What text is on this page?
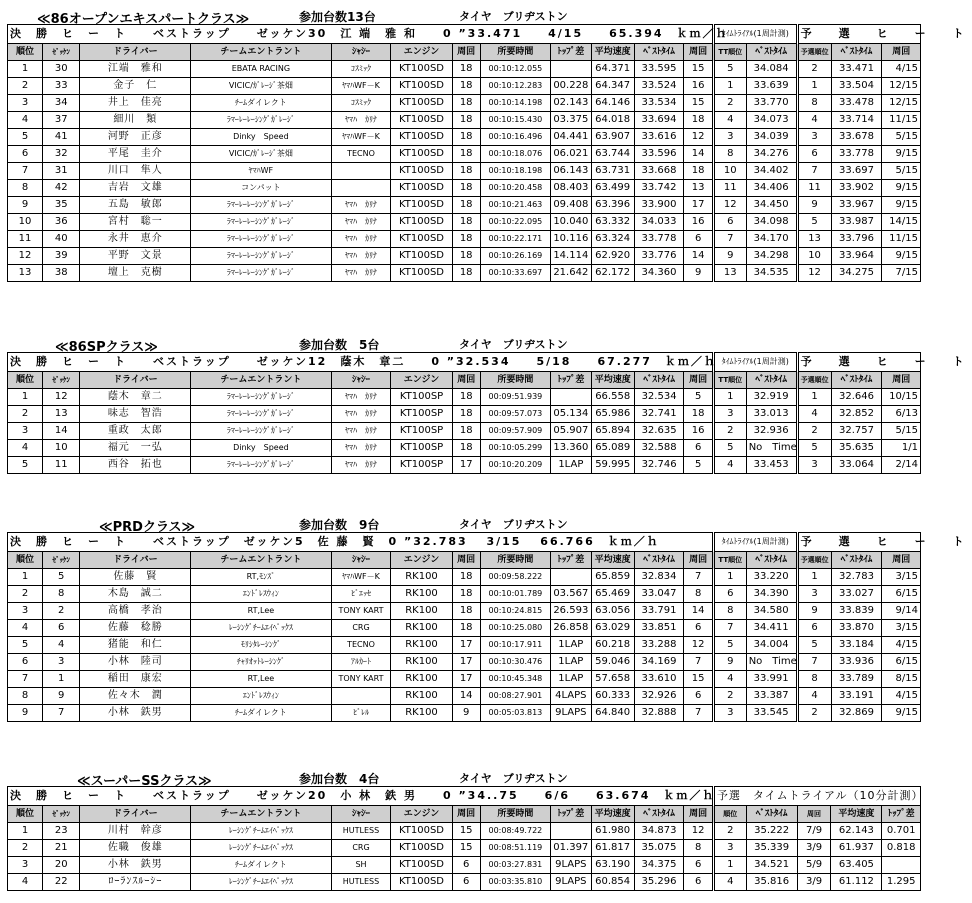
≪86オープンエキスパートクラス≫	参加台数13台	タイヤ　ブリヂストン
決　勝　ヒ　ー　ト　　ベストラップ　　ゼッケン30　江 端　雅 和　　0 ”33.471　　4/15　　65.394　ｋｍ／ｈ												ﾀｲﾑﾄﾗｲｱﾙ(1周計測)		予　選　ヒ　ー　ト		
順位	ｾﾞｯｹﾝ	ドライバー	チームエントラント	ｼｬｼｰ	エンジン	周回	所要時間	ﾄｯﾌﾟ差	平均速度	ﾍﾞｽﾄﾀｲﾑ	周回	TT順位	ﾍﾞｽﾄﾀｲﾑ	予選順位	ﾍﾞｽﾄﾀｲﾑ	周回
1	30	江端　雅和	EBATA RACING	ｺｽﾐｯｸ	KT100SD	18	00:10:12.055		64.371	33.595	15	5	34.084	2	33.471	4/15
2	33	金子　仁	VICIC/ｶﾞﾚｰｼﾞ茶畑	ﾔﾏﾊWF－K	KT100SD	18	00:10:12.283	00.228	64.347	33.524	16	1	33.639	1	33.504	12/15
3	34	井上　佳亮	ﾁｰﾑダイレクト	ｺｽﾐｯｸ	KT100SD	18	00:10:14.198	02.143	64.146	33.534	15	2	33.770	8	33.478	12/15
4	37	細川　類	ﾗﾏｰﾚｰﾚｰｼﾝｸﾞｶﾞﾚｰｼﾞ	ﾔﾏﾊ　ｶﾘﾅ	KT100SD	18	00:10:15.430	03.375	64.018	33.694	18	4	34.073	4	33.714	11/15
5	41	河野　正彦	Dinky　Speed	ﾔﾏﾊWF－K	KT100SD	18	00:10:16.496	04.441	63.907	33.616	12	3	34.039	3	33.678	5/15
6	32	平尾　圭介	VICIC/ｶﾞﾚｰｼﾞ茶畑	TECNO	KT100SD	18	00:10:18.076	06.021	63.744	33.596	14	8	34.276	6	33.778	9/15
7	31	川口　隼人	ﾔﾏﾊWF		KT100SD	18	00:10:18.198	06.143	63.731	33.668	18	10	34.402	7	33.697	5/15
8	42	吉岩　文雄	コンパット		KT100SD	18	00:10:20.458	08.403	63.499	33.742	13	11	34.406	11	33.902	9/15
9	35	五島　敏郎	ﾗﾏｰﾚｰﾚｰｼﾝｸﾞｶﾞﾚｰｼﾞ	ﾔﾏﾊ　ｶﾘﾅ	KT100SD	18	00:10:21.463	09.408	63.396	33.900	17	12	34.450	9	33.967	9/15
10	36	宮村　聡一	ﾗﾏｰﾚｰﾚｰｼﾝｸﾞｶﾞﾚｰｼﾞ	ﾔﾏﾊ　ｶﾘﾅ	KT100SD	18	00:10:22.095	10.040	63.332	34.033	16	6	34.098	5	33.987	14/15
11	40	永井　恵介	ﾗﾏｰﾚｰﾚｰｼﾝｸﾞｶﾞﾚｰｼﾞ	ﾔﾏﾊ　ｶﾘﾅ	KT100SD	18	00:10:22.171	10.116	63.324	33.778	6	7	34.170	13	33.796	11/15
12	39	平野　文景	ﾗﾏｰﾚｰﾚｰｼﾝｸﾞｶﾞﾚｰｼﾞ	ﾔﾏﾊ　ｶﾘﾅ	KT100SD	18	00:10:26.169	14.114	62.920	33.776	14	9	34.298	10	33.964	9/15
13	38	壇上　克樹	ﾗﾏｰﾚｰﾚｰｼﾝｸﾞｶﾞﾚｰｼﾞ	ﾔﾏﾊ　ｶﾘﾅ	KT100SD	18	00:10:33.697	21.642	62.172	34.360	9	13	34.535	12	34.275	7/15
≪86SPクラス≫	参加台数　5台	タイヤ　ブリヂストン
決　勝　ヒ　ー　ト　　ベストラップ　　ゼッケン12　蔭木　章二　　0 ”32.534　　5/18　　67.277　ｋｍ／ｈ												ﾀｲﾑﾄﾗｲｱﾙ(1周計測)		予　選　ヒ　ー　ト		
順位	ｾﾞｯｹﾝ	ドライバー	チームエントラント	ｼｬｼｰ	エンジン	周回	所要時間	ﾄｯﾌﾟ差	平均速度	ﾍﾞｽﾄﾀｲﾑ	周回	TT順位	ﾍﾞｽﾄﾀｲﾑ	予選順位	ﾍﾞｽﾄﾀｲﾑ	周回
1	12	蔭木　章二	ﾗﾏｰﾚｰﾚｰｼﾝｸﾞｶﾞﾚｰｼﾞ	ﾔﾏﾊ　ｶﾘﾅ	KT100SP	18	00:09:51.939		66.558	32.534	5	1	32.919	1	32.646	10/15
2	13	味志　智浩	ﾗﾏｰﾚｰﾚｰｼﾝｸﾞｶﾞﾚｰｼﾞ	ﾔﾏﾊ　ｶﾘﾅ	KT100SP	18	00:09:57.073	05.134	65.986	32.741	18	3	33.013	4	32.852	6/13
3	14	重政　太郎	ﾗﾏｰﾚｰﾚｰｼﾝｸﾞｶﾞﾚｰｼﾞ	ﾔﾏﾊ　ｶﾘﾅ	KT100SP	18	00:09:57.909	05.907	65.894	32.635	16	2	32.936	2	32.757	5/15
4	10	福元　一弘	Dinky　Speed	ﾔﾏﾊ　ｶﾘﾅ	KT100SP	18	00:10:05.299	13.360	65.089	32.588	6	5	No　Time	5	35.635	1/1
5	11	西谷　拓也	ﾗﾏｰﾚｰﾚｰｼﾝｸﾞｶﾞﾚｰｼﾞ	ﾔﾏﾊ　ｶﾘﾅ	KT100SP	17	00:10:20.209	1LAP	59.995	32.746	5	4	33.453	3	33.064	2/14
≪PRDクラス≫	参加台数　9台	タイヤ　ブリヂストン
決　勝　ヒ　ー　ト　　ベストラップ　ゼッケン5　佐 藤　賢　0 ”32.783　 3/15　 66.766　ｋｍ／ｈ												ﾀｲﾑﾄﾗｲｱﾙ(1周計測)		予　選　ヒ　ー　ト		
順位	ｾﾞｯｹﾝ	ドライバー	チームエントラント	ｼｬｼｰ	エンジン	周回	所要時間	ﾄｯﾌﾟ差	平均速度	ﾍﾞｽﾄﾀｲﾑ	周回	TT順位	ﾍﾞｽﾄﾀｲﾑ	予選順位	ﾍﾞｽﾄﾀｲﾑ	周回
1	5	佐藤　賢	RT,ﾓﾝｽﾞ	ﾔﾏﾊWF－K	RK100	18	00:09:58.222		65.859	32.834	7	1	33.220	1	32.783	3/15
2	8	木島　誠二	ｴﾝﾄﾞﾚｽｳｨﾝ	ﾋﾞｴｯｾ	RK100	18	00:10:01.789	03.567	65.469	33.047	8	6	34.390	3	33.027	6/15
3	2	高橋　孝治	RT,Lee	TONY KART	RK100	18	00:10:24.815	26.593	63.056	33.791	14	8	34.580	9	33.839	9/14
4	6	佐藤　稔勝	ﾚｰｼﾝｸﾞﾁｰﾑｴｲﾍﾟｯｸｽ	CRG	RK100	18	00:10:25.080	26.858	63.029	33.851	6	7	34.411	6	33.870	3/15
5	4	猪能　和仁	ﾓﾘｼﾀﾚｰｼﾝｸﾞ	TECNO	RK100	17	00:10:17.911	1LAP	60.218	33.288	12	5	34.004	5	33.184	4/15
6	3	小林　陸司	ﾁｬﾘｵｯﾄﾚｰｼﾝｸﾞ	ｱﾙｶｰﾄ	RK100	17	00:10:30.476	1LAP	59.046	34.169	7	9	No　Time	7	33.936	6/15
7	1	稲田　康宏	RT,Lee	TONY KART	RK100	17	00:10:45.348	1LAP	57.658	33.610	15	4	33.991	8	33.789	8/15
8	9	佐々木　潤	ｴﾝﾄﾞﾚｽｳｨﾝ		RK100	14	00:08:27.901	4LAPS	60.333	32.926	6	2	33.387	4	33.191	4/15
9	7	小林　鉄男	ﾁｰﾑダイレクト	ﾋﾞﾚﾙ	RK100	9	00:05:03.813	9LAPS	64.840	32.888	7	3	33.545	2	32.869	9/15
≪スーパーSSクラス≫	参加台数　4台	タイヤ　ブリヂストン
決　勝　ヒ　ー　ト　　ベストラップ　　ゼッケン20　小 林　鉄 男　　0 ”34..75　　6/6　　63.674　ｋｍ／ｈ												予選　タイムトライアル（10分計測）				
順位	ｾﾞｯｹﾝ	ドライバー	チームエントラント	ｼｬｼｰ	エンジン	周回	所要時間	ﾄｯﾌﾟ差	平均速度	ﾍﾞｽﾄﾀｲﾑ	周回	順位	ﾍﾞｽﾄﾀｲﾑ	周回	平均速度	ﾄｯﾌﾟ差
1	23	川村　幹彦	ﾚｰｼﾝｸﾞﾁｰﾑｴｲﾍﾟｯｸｽ	HUTLESS	KT100SD	15	00:08:49.722		61.980	34.873	12	2	35.222	7/9	62.143	0.701
2	21	佐職　俊雄	ﾚｰｼﾝｸﾞﾁｰﾑｴｲﾍﾟｯｸｽ	CRG	KT100SD	15	00:08:51.119	01.397	61.817	35.075	8	3	35.339	3/9	61.937	0.818
3	20	小林　鉄男	ﾁｰﾑダイレクト	SH	KT100SD	6	00:03:27.831	9LAPS	63.190	34.375	6	1	34.521	5/9	63.405	
4	22	ﾛｰﾗﾝｽﾙｰｼｰ	ﾚｰｼﾝｸﾞﾁｰﾑｴｲﾍﾟｯｸｽ	HUTLESS	KT100SD	6	00:03:35.810	9LAPS	60.854	35.296	6	4	35.816	3/9	61.112	1.295
